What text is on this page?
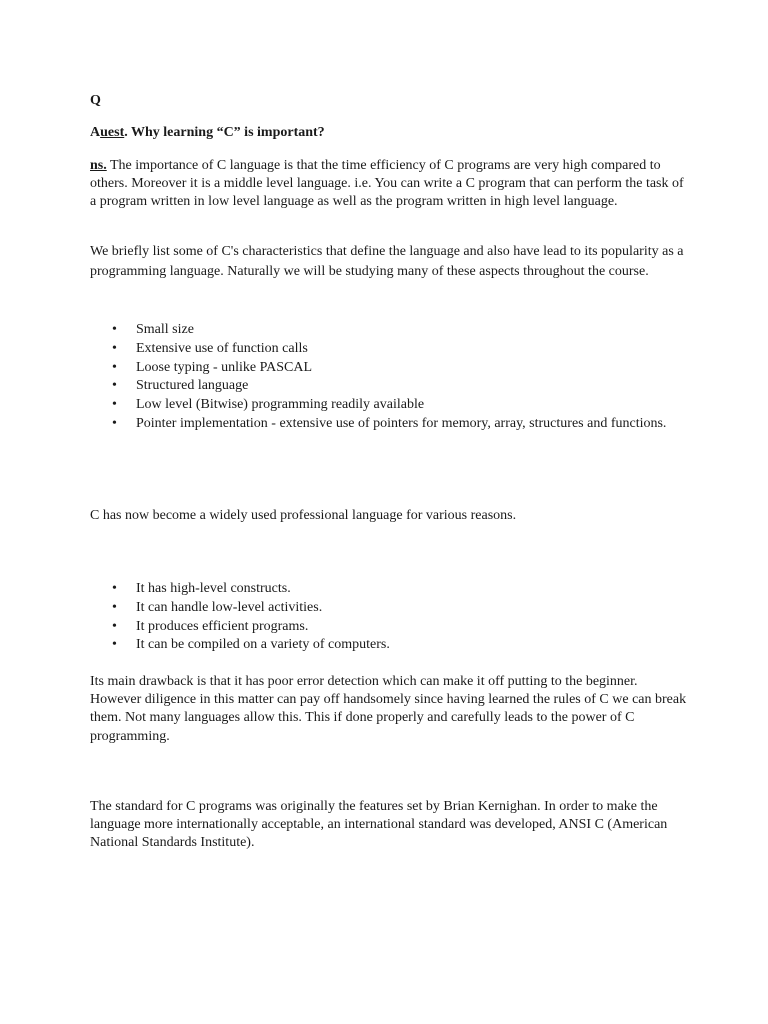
Q

Auest. Why learning “C” is important?

ns. The importance of C language is that the time efficiency of C programs are very high compared to others. Moreover it is a middle level language. i.e. You can write a C program that can perform the task of a program written in low level language as well as the program written in high level language.

We briefly list some of C's characteristics that define the language and also have lead to its popularity as a programming language. Naturally we will be studying many of these aspects throughout the course.

• Small size
• Extensive use of function calls
• Loose typing - unlike PASCAL
• Structured language
• Low level (Bitwise) programming readily available
• Pointer implementation - extensive use of pointers for memory, array, structures and functions.

C has now become a widely used professional language for various reasons.

• It has high-level constructs.
• It can handle low-level activities.
• It produces efficient programs.
• It can be compiled on a variety of computers.

Its main drawback is that it has poor error detection which can make it off putting to the beginner. However diligence in this matter can pay off handsomely since having learned the rules of C we can break them. Not many languages allow this. This if done properly and carefully leads to the power of C programming.

The standard for C programs was originally the features set by Brian Kernighan. In order to make the language more internationally acceptable, an international standard was developed, ANSI C (American National Standards Institute).
